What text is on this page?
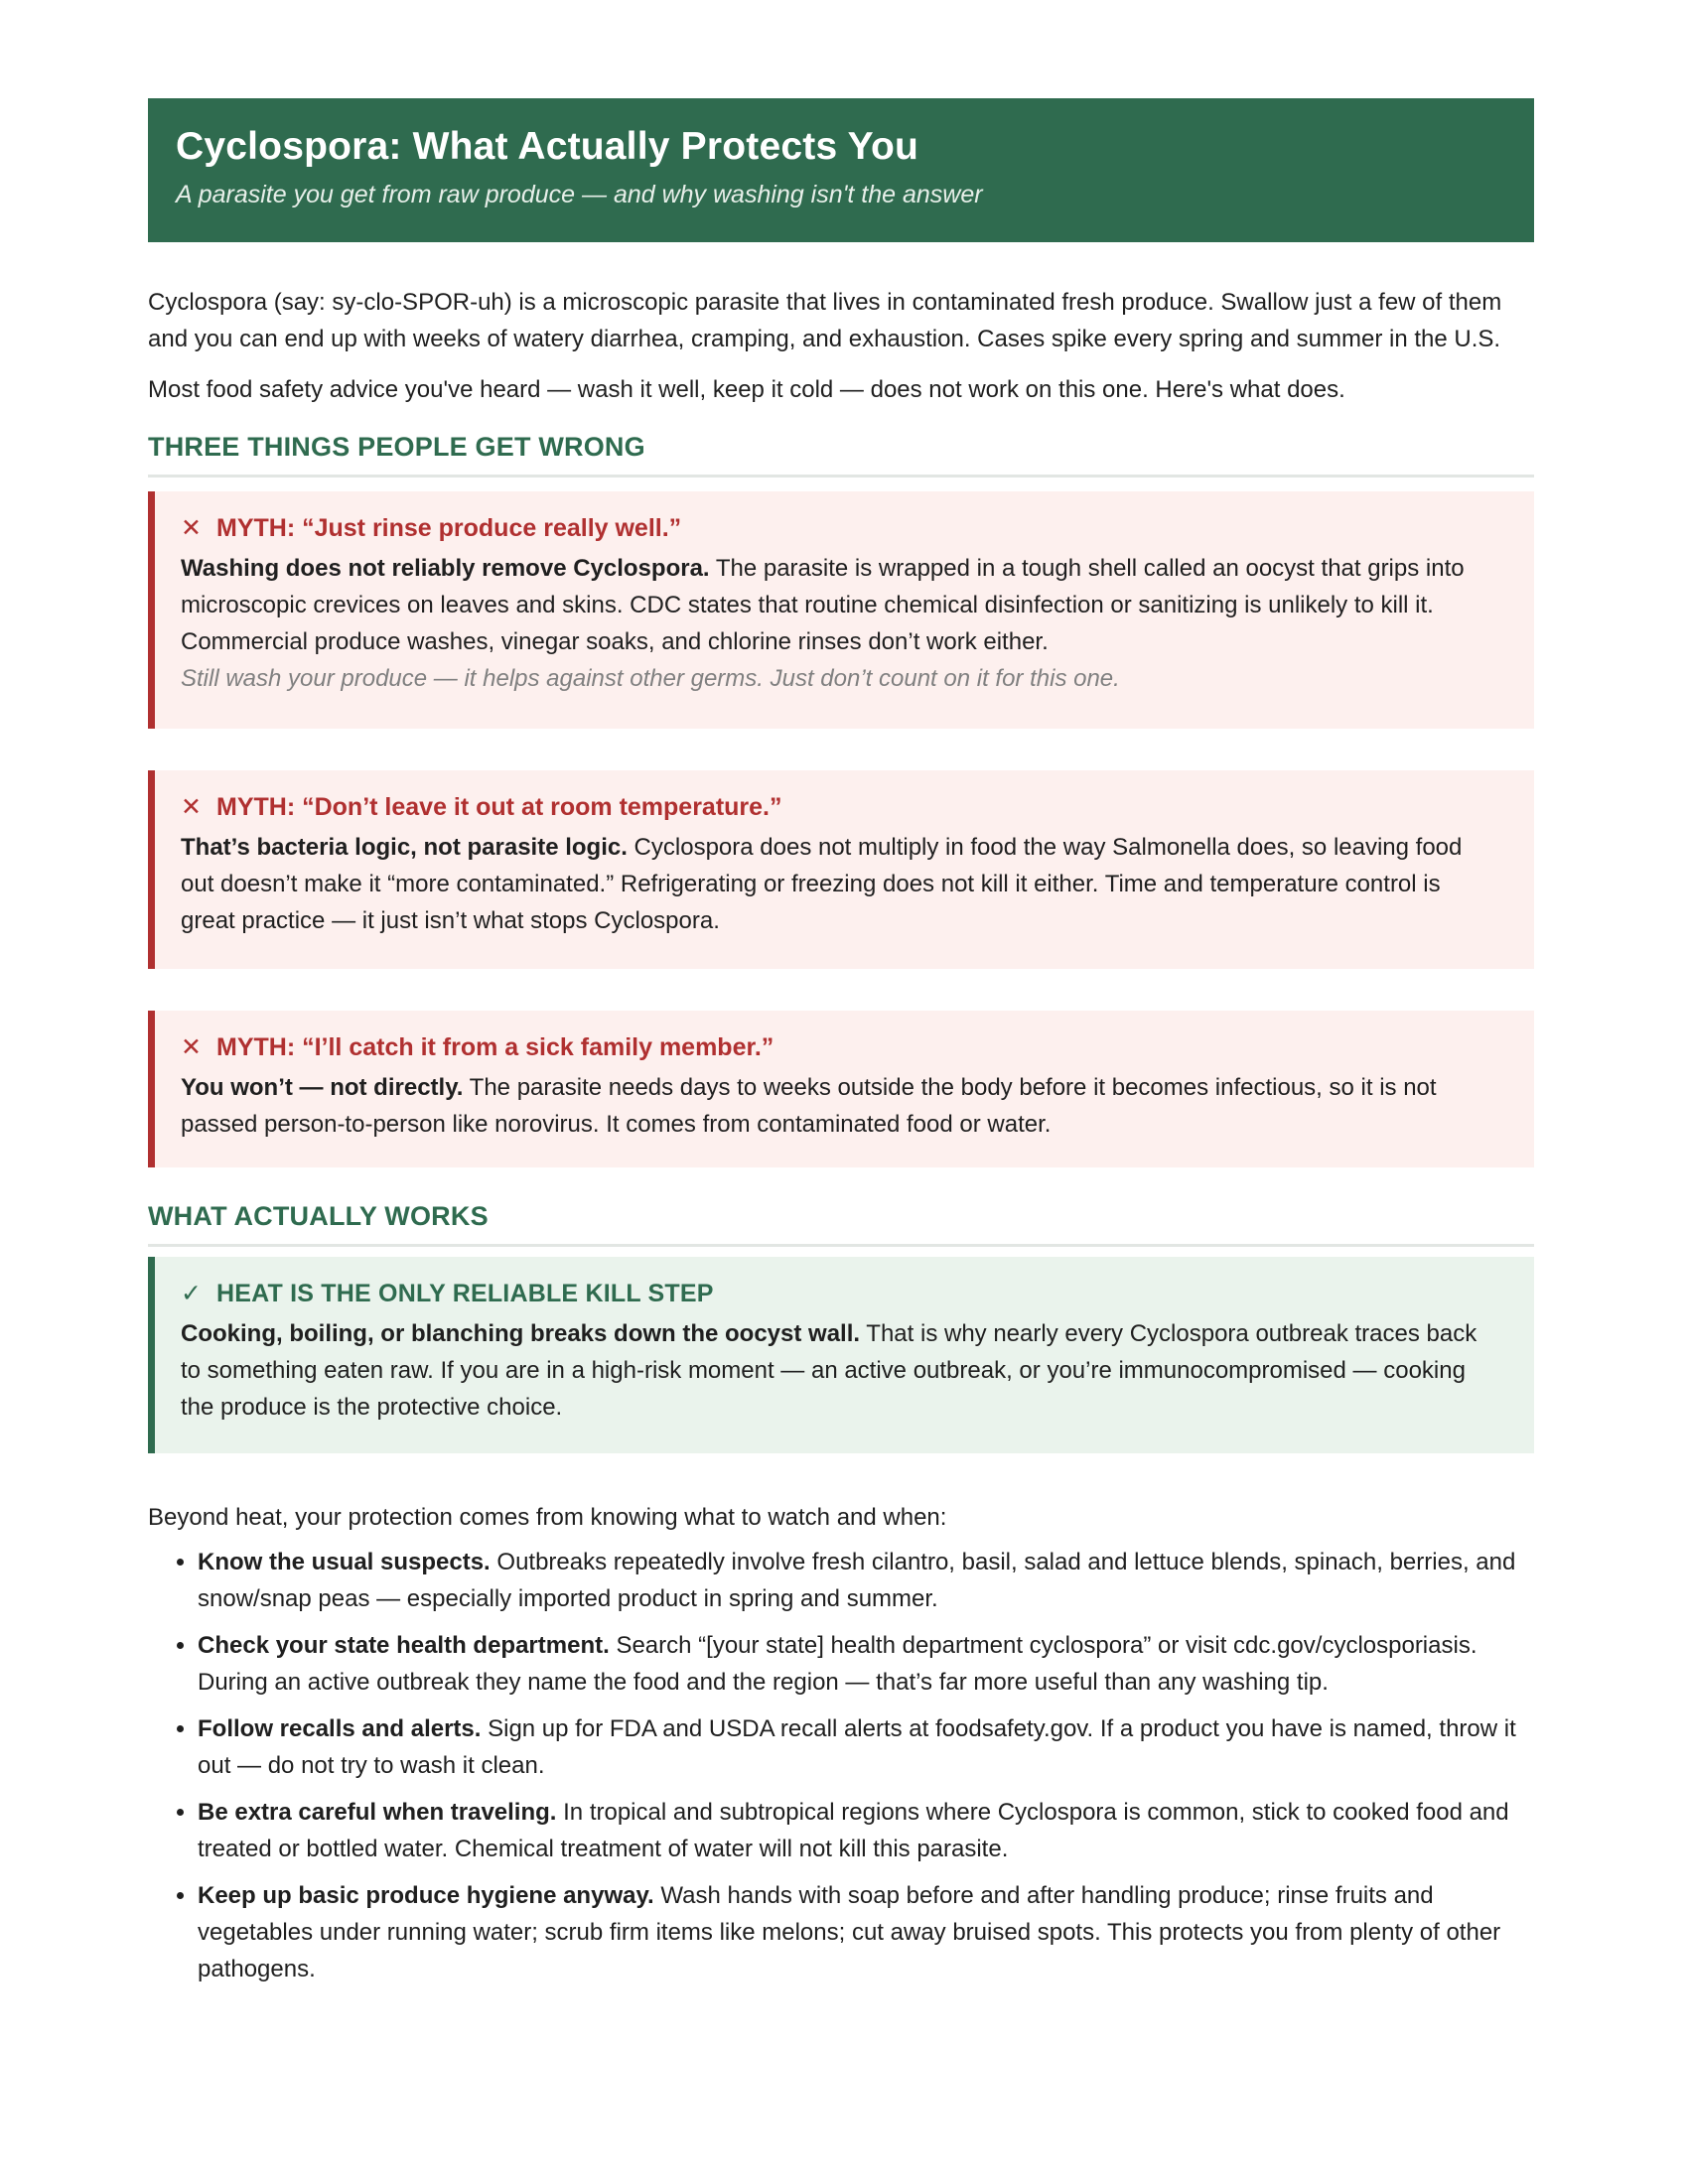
Cyclospora: What Actually Protects You
A parasite you get from raw produce — and why washing isn't the answer

Cyclospora (say: sy-clo-SPOR-uh) is a microscopic parasite that lives in contaminated fresh produce. Swallow just a few of them and you can end up with weeks of watery diarrhea, cramping, and exhaustion. Cases spike every spring and summer in the U.S.

Most food safety advice you've heard — wash it well, keep it cold — does not work on this one. Here's what does.

THREE THINGS PEOPLE GET WRONG
✕ MYTH: “Just rinse produce really well.”

Washing does not reliably remove Cyclospora. The parasite is wrapped in a tough shell called an oocyst that grips into microscopic crevices on leaves and skins. CDC states that routine chemical disinfection or sanitizing is unlikely to kill it. Commercial produce washes, vinegar soaks, and chlorine rinses don’t work either.

Still wash your produce — it helps against other germs. Just don’t count on it for this one.

✕ MYTH: “Don’t leave it out at room temperature.”

That’s bacteria logic, not parasite logic. Cyclospora does not multiply in food the way Salmonella does, so leaving food out doesn’t make it “more contaminated.” Refrigerating or freezing does not kill it either. Time and temperature control is great practice — it just isn’t what stops Cyclospora.

✕ MYTH: “I’ll catch it from a sick family member.”

You won’t — not directly. The parasite needs days to weeks outside the body before it becomes infectious, so it is not passed person-to-person like norovirus. It comes from contaminated food or water.

WHAT ACTUALLY WORKS
✓ HEAT IS THE ONLY RELIABLE KILL STEP

Cooking, boiling, or blanching breaks down the oocyst wall. That is why nearly every Cyclospora outbreak traces back to something eaten raw. If you are in a high-risk moment — an active outbreak, or you’re immunocompromised — cooking the produce is the protective choice.

Beyond heat, your protection comes from knowing what to watch and when:
• Know the usual suspects. Outbreaks repeatedly involve fresh cilantro, basil, salad and lettuce blends, spinach, berries, and snow/snap peas — especially imported product in spring and summer.
• Check your state health department. Search “[your state] health department cyclospora” or visit cdc.gov/cyclosporiasis. During an active outbreak they name the food and the region — that’s far more useful than any washing tip.
• Follow recalls and alerts. Sign up for FDA and USDA recall alerts at foodsafety.gov. If a product you have is named, throw it out — do not try to wash it clean.
• Be extra careful when traveling. In tropical and subtropical regions where Cyclospora is common, stick to cooked food and treated or bottled water. Chemical treatment of water will not kill this parasite.
• Keep up basic produce hygiene anyway. Wash hands with soap before and after handling produce; rinse fruits and vegetables under running water; scrub firm items like melons; cut away bruised spots. This protects you from plenty of other pathogens.
